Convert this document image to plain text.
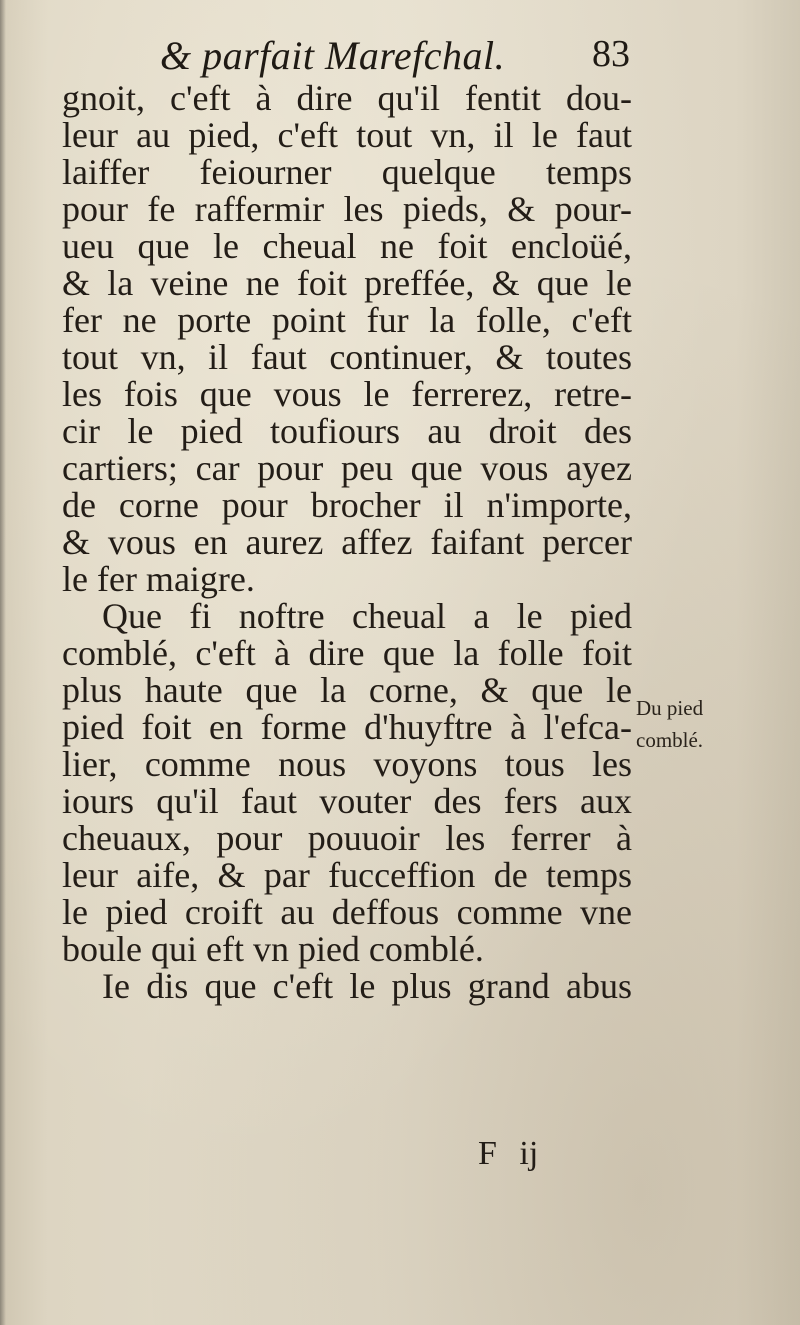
& parfait Marefchal. 83
gnoit, c'eft à dire qu'il fentit dou-
leur au pied, c'eft tout vn, il le faut
laiffer feiourner quelque temps
pour fe raffermir les pieds, & pour-
ueu que le cheual ne foit encloüé,
& la veine ne foit preffée, & que le
fer ne porte point fur la folle, c'eft
tout vn, il faut continuer, & toutes
les fois que vous le ferrerez, retre-
cir le pied toufiours au droit des
cartiers; car pour peu que vous ayez
de corne pour brocher il n'importe,
& vous en aurez affez faifant percer
le fer maigre.
Que fi noftre cheual a le pied
comblé, c'eft à dire que la folle foit
plus haute que la corne, & que le
pied foit en forme d'huyftre à l'efca-
lier, comme nous voyons tous les
iours qu'il faut vouter des fers aux
cheuaux, pour pouuoir les ferrer à
leur aife, & par fucceffion de temps
le pied croift au deffous comme vne
boule qui eft vn pied comblé.
Ie dis que c'eft le plus grand abus
Du pied
comblé.
F ij
